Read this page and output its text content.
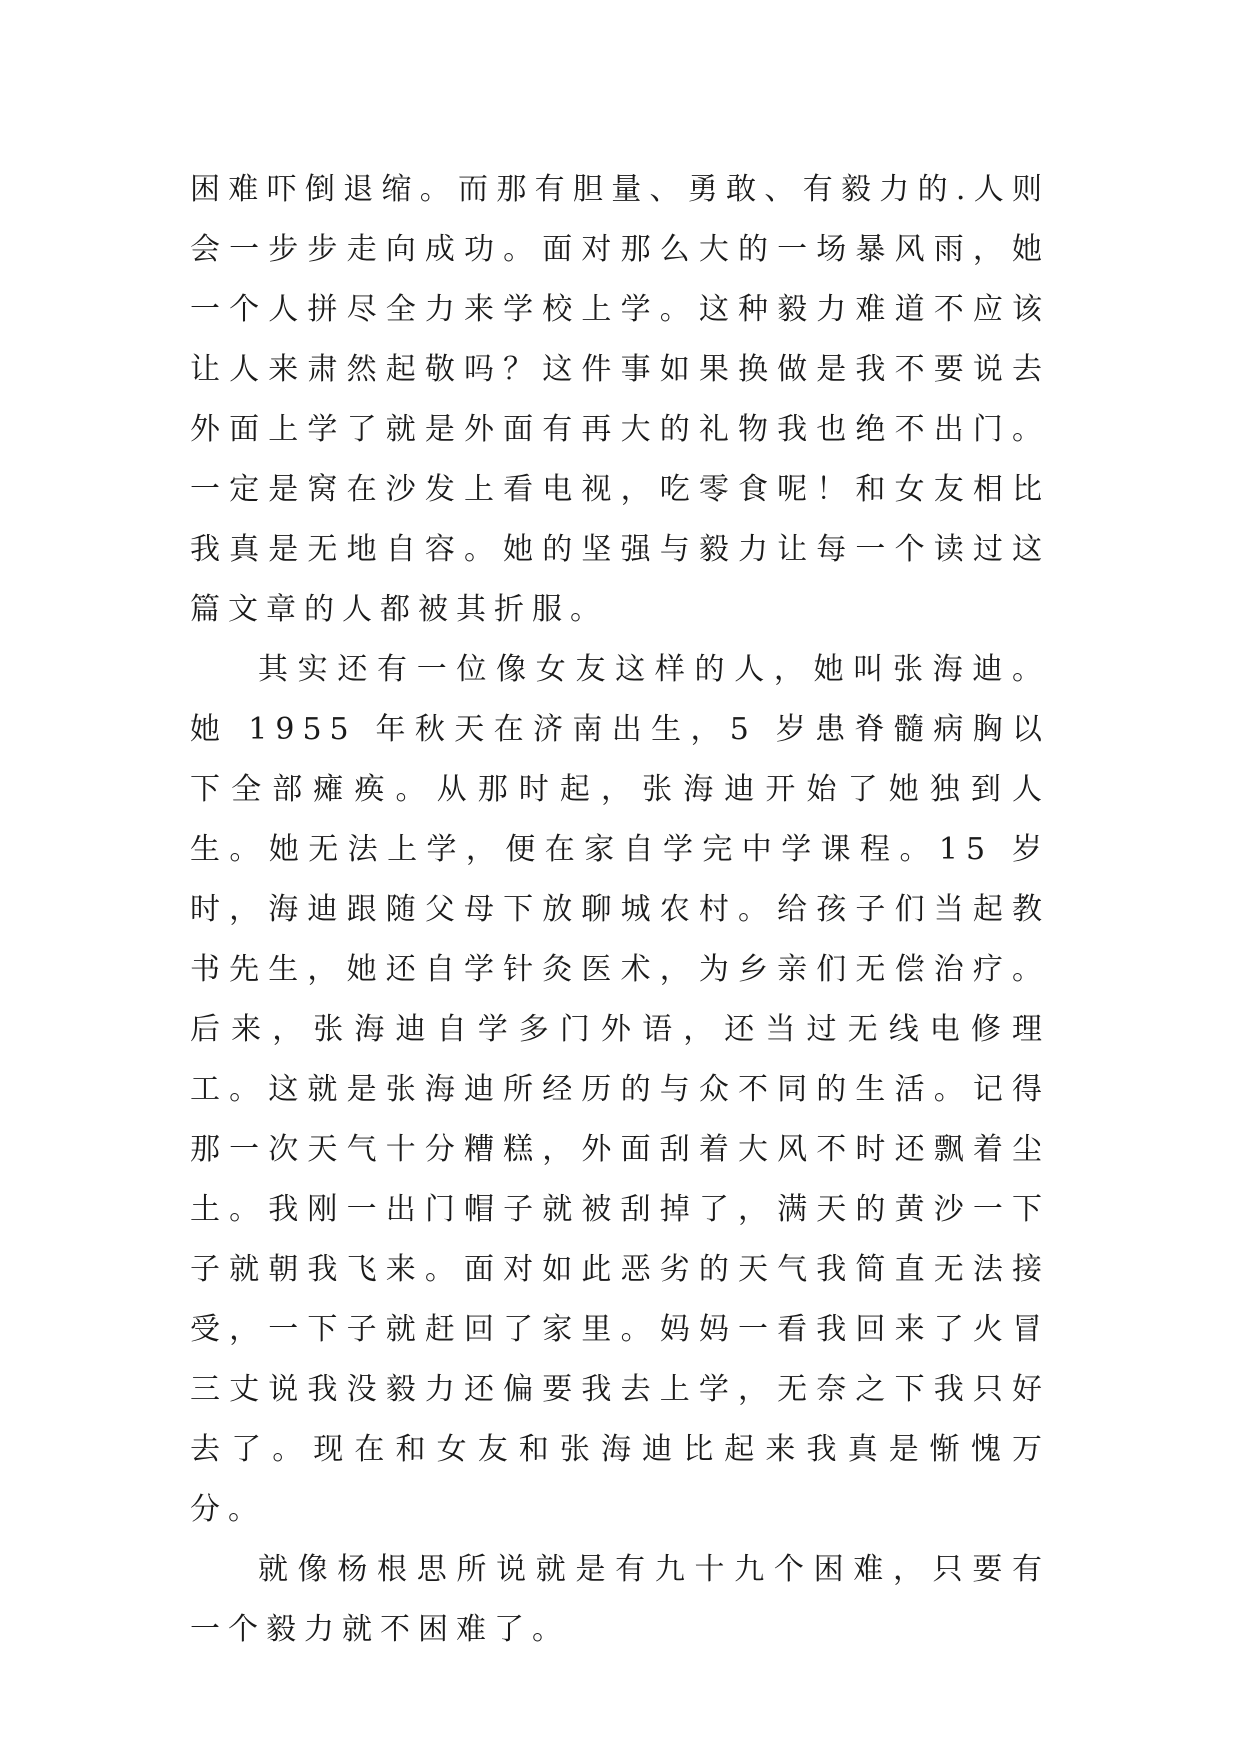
困难吓倒退缩。而那有胆量、勇敢、有毅力的.人则会一步步走向成功。面对那么大的一场暴风雨，她一个人拼尽全力来学校上学。这种毅力难道不应该让人来肃然起敬吗？这件事如果换做是我不要说去外面上学了就是外面有再大的礼物我也绝不出门。一定是窝在沙发上看电视，吃零食呢！和女友相比我真是无地自容。她的坚强与毅力让每一个读过这篇文章的人都被其折服。

其实还有一位像女友这样的人，她叫张海迪。她 1955 年秋天在济南出生，5 岁患脊髓病胸以下全部瘫痪。从那时起，张海迪开始了她独到人生。她无法上学，便在家自学完中学课程。15 岁时，海迪跟随父母下放聊城农村。给孩子们当起教书先生，她还自学针灸医术，为乡亲们无偿治疗。后来，张海迪自学多门外语，还当过无线电修理工。这就是张海迪所经历的与众不同的生活。记得那一次天气十分糟糕，外面刮着大风不时还飘着尘土。我刚一出门帽子就被刮掉了，满天的黄沙一下子就朝我飞来。面对如此恶劣的天气我简直无法接受，一下子就赶回了家里。妈妈一看我回来了火冒三丈说我没毅力还偏要我去上学，无奈之下我只好去了。现在和女友和张海迪比起来我真是惭愧万分。

就像杨根思所说就是有九十九个困难，只要有一个毅力就不困难了。
